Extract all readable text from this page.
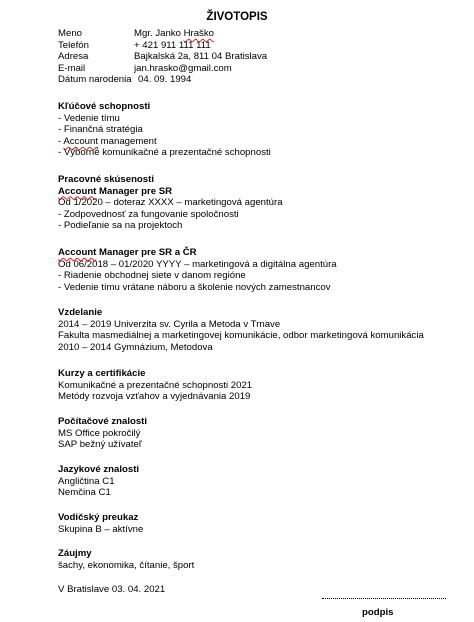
ŽIVOTOPIS
Meno	Mgr. Janko Hraško
Telefón	+ 421 911 111 111
Adresa	Bajkalská 2a, 811 04 Bratislava
E-mail	jan.hrasko@gmail.com
Dátum narodenia 04. 09. 1994
Kľúčové schopnosti
- Vedenie tímu
- Finančná stratégia
- Account management
- Výborné komunikačné a prezentačné schopnosti
Pracovné skúsenosti
Account Manager pre SR
Od 1/2020 – doteraz XXXX – marketingová agentúra
- Zodpovednosť za fungovanie spoločnosti
- Podieľanie sa na projektoch
Account Manager pre SR a ČR
Od 06/2018 – 01/2020 YYYY – marketingová a digitálna agentúra
- Riadenie obchodnej siete v danom regióne
- Vedenie tímu vrátane náboru a školenie nových zamestnancov
Vzdelanie
2014 – 2019 Univerzita sv. Cyrila a Metoda v Trnave
Fakulta masmediálnej a marketingovej komunikácie, odbor marketingová komunikácia
2010 – 2014 Gymnázium, Metodova
Kurzy a certifikácie
Komunikačné a prezentačné schopnosti 2021
Metódy rozvoja vzťahov a vyjednávania 2019
Počítačové znalosti
MS Office pokročilý
SAP bežný užívateľ
Jazykové znalosti
Angličtina C1
Nemčina C1
Vodičský preukaz
Skupina B – aktívne
Záujmy
šachy, ekonomika, čítanie, šport
V Bratislave 03. 04. 2021
podpis
